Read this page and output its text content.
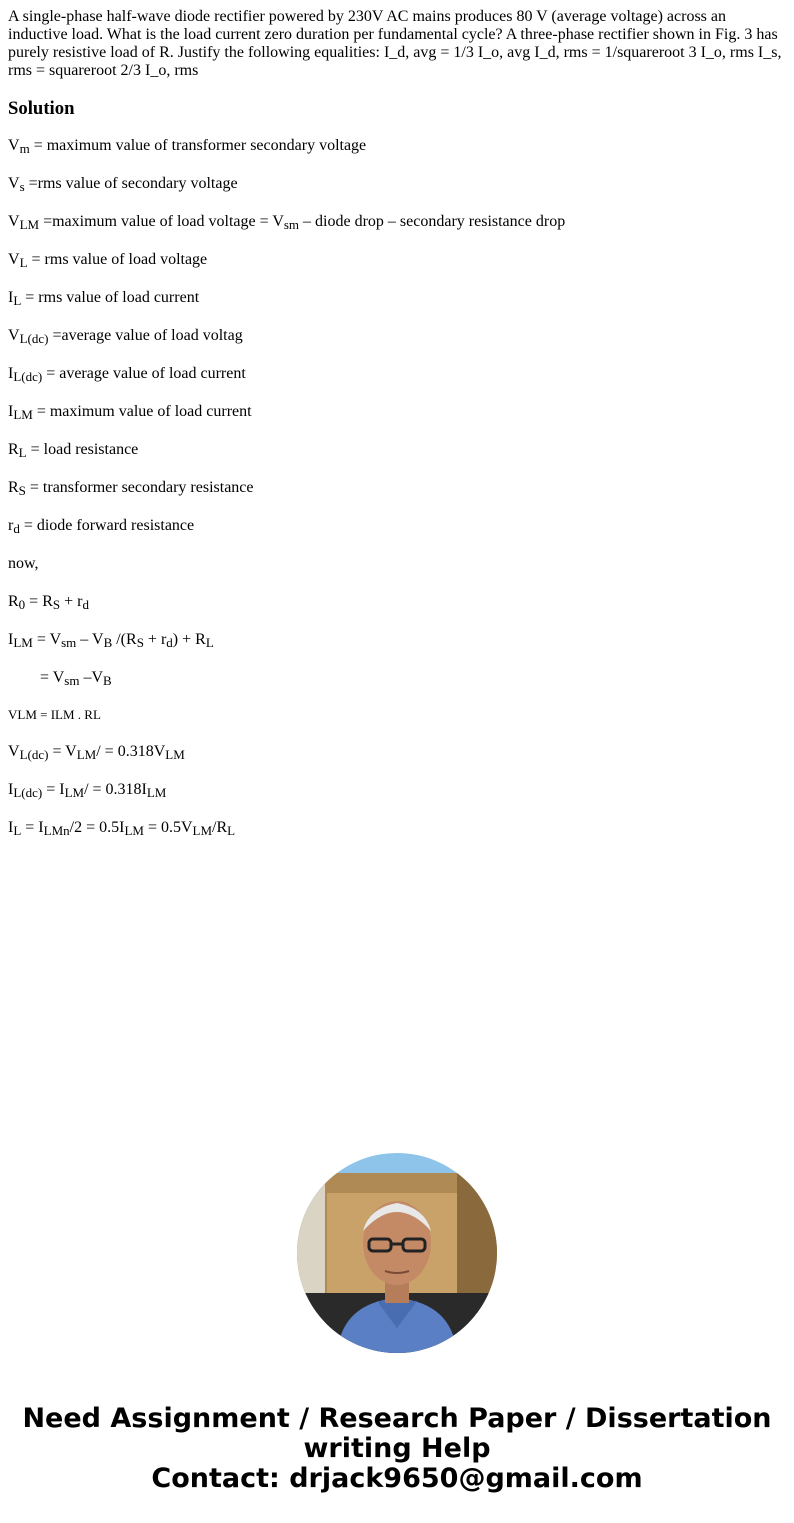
A single-phase half-wave diode rectifier powered by 230V AC mains produces 80 V (average voltage) across an inductive load. What is the load current zero duration per fundamental cycle? A three-phase rectifier shown in Fig. 3 has purely resistive load of R. Justify the following equalities: I_d, avg = 1/3 I_o, avg I_d, rms = 1/squareroot 3 I_o, rms I_s, rms = squareroot 2/3 I_o, rms

Solution
$V_m$ = maximum value of transformer secondary voltage
$V_s =rms$ value of secondary voltage
$V_{LM}$ =maximum value of load voltage = $V_{sm}$ – diode drop – secondary resistance drop
$V_L$ = rms value of load voltage
$I_L$ = rms value of load current
$V_{L(dc)}$ =average value of load voltag
$I_{L(dc)}$ = average value of load current
$I_{LM}$ = maximum value of load current
$R_L$ = load resistance
$R_S$ = transformer secondary resistance
$r_d$ = diode forward resistance
now,
$R_0 = R_S + r_d$
$I_{LM} = V_{sm} - V_B$ $/(R_S + r_d) + R_L$
= $V_{sm}$ $-V_B$
VLM = ILM . RL
$V_{L(dc)} = V_{LM}/ = 0.318V_{LM}$
$I_{L(dc)} = I_{LM}/ = 0.318I_{LM}$
$I_L = I_{LMn}/2 = 0.5I_{LM} = 0.5V_{LM}/R_L$
Need Assignment / Research Paper / Dissertation
writing Help
Contact: drjack9650@gmail.com
